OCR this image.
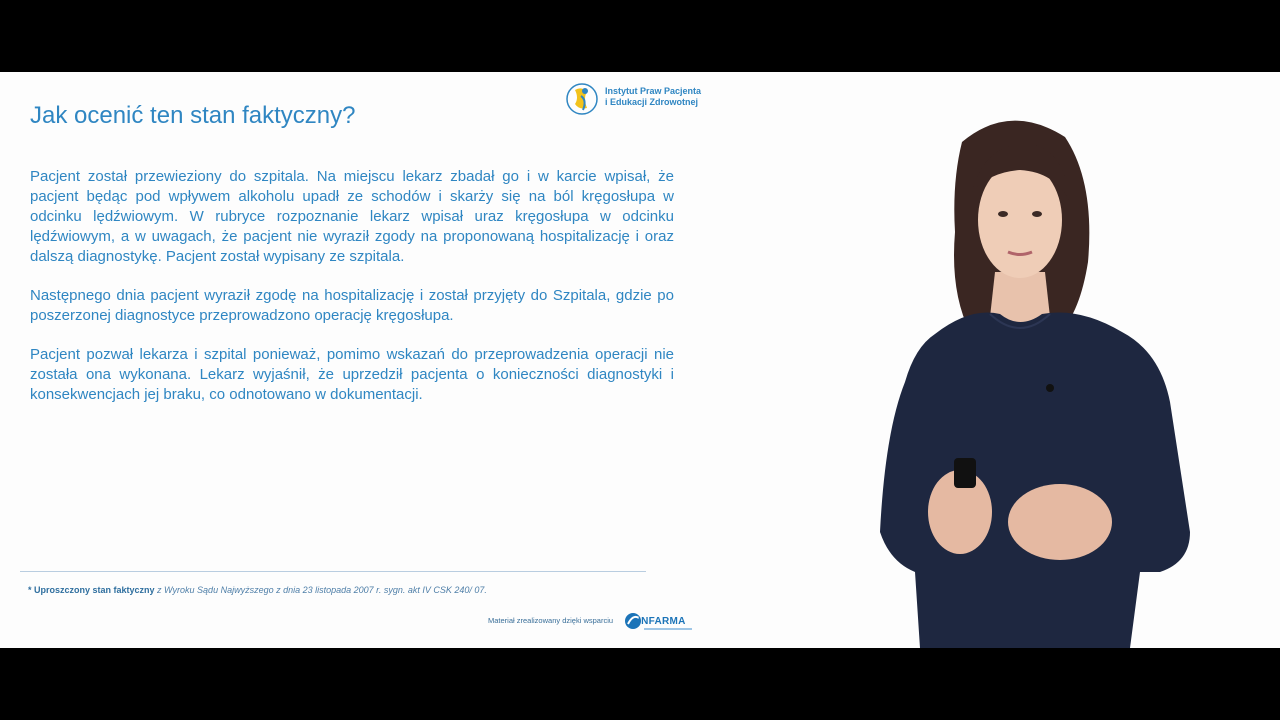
Jak ocenić ten stan faktyczny?
Instytut Praw Pacjenta
i Edukacji Zdrowotnej

Pacjent został przewieziony do szpitala. Na miejscu lekarz zbadał go i w karcie wpisał, że pacjent będąc pod wpływem alkoholu upadł ze schodów i skarży się na ból kręgosłupa w odcinku lędźwiowym. W rubryce rozpoznanie lekarz wpisał uraz kręgosłupa w odcinku lędźwiowym, a w uwagach, że pacjent nie wyraził zgody na proponowaną hospitalizację i oraz dalszą diagnostykę. Pacjent został wypisany ze szpitala.

Następnego dnia pacjent wyraził zgodę na hospitalizację i został przyjęty do Szpitala, gdzie po poszerzonej diagnostyce przeprowadzono operację kręgosłupa.

Pacjent pozwał lekarza i szpital ponieważ, pomimo wskazań do przeprowadzenia operacji nie została ona wykonana. Lekarz wyjaśnił, że uprzedził pacjenta o konieczności diagnostyki i konsekwencjach jej braku, co odnotowano w dokumentacji.

* Uproszczony stan faktyczny z Wyroku Sądu Najwyższego z dnia 23 listopada 2007 r. sygn. akt IV CSK 240/ 07.
Materiał zrealizowany dzięki wsparciu INFARMA
